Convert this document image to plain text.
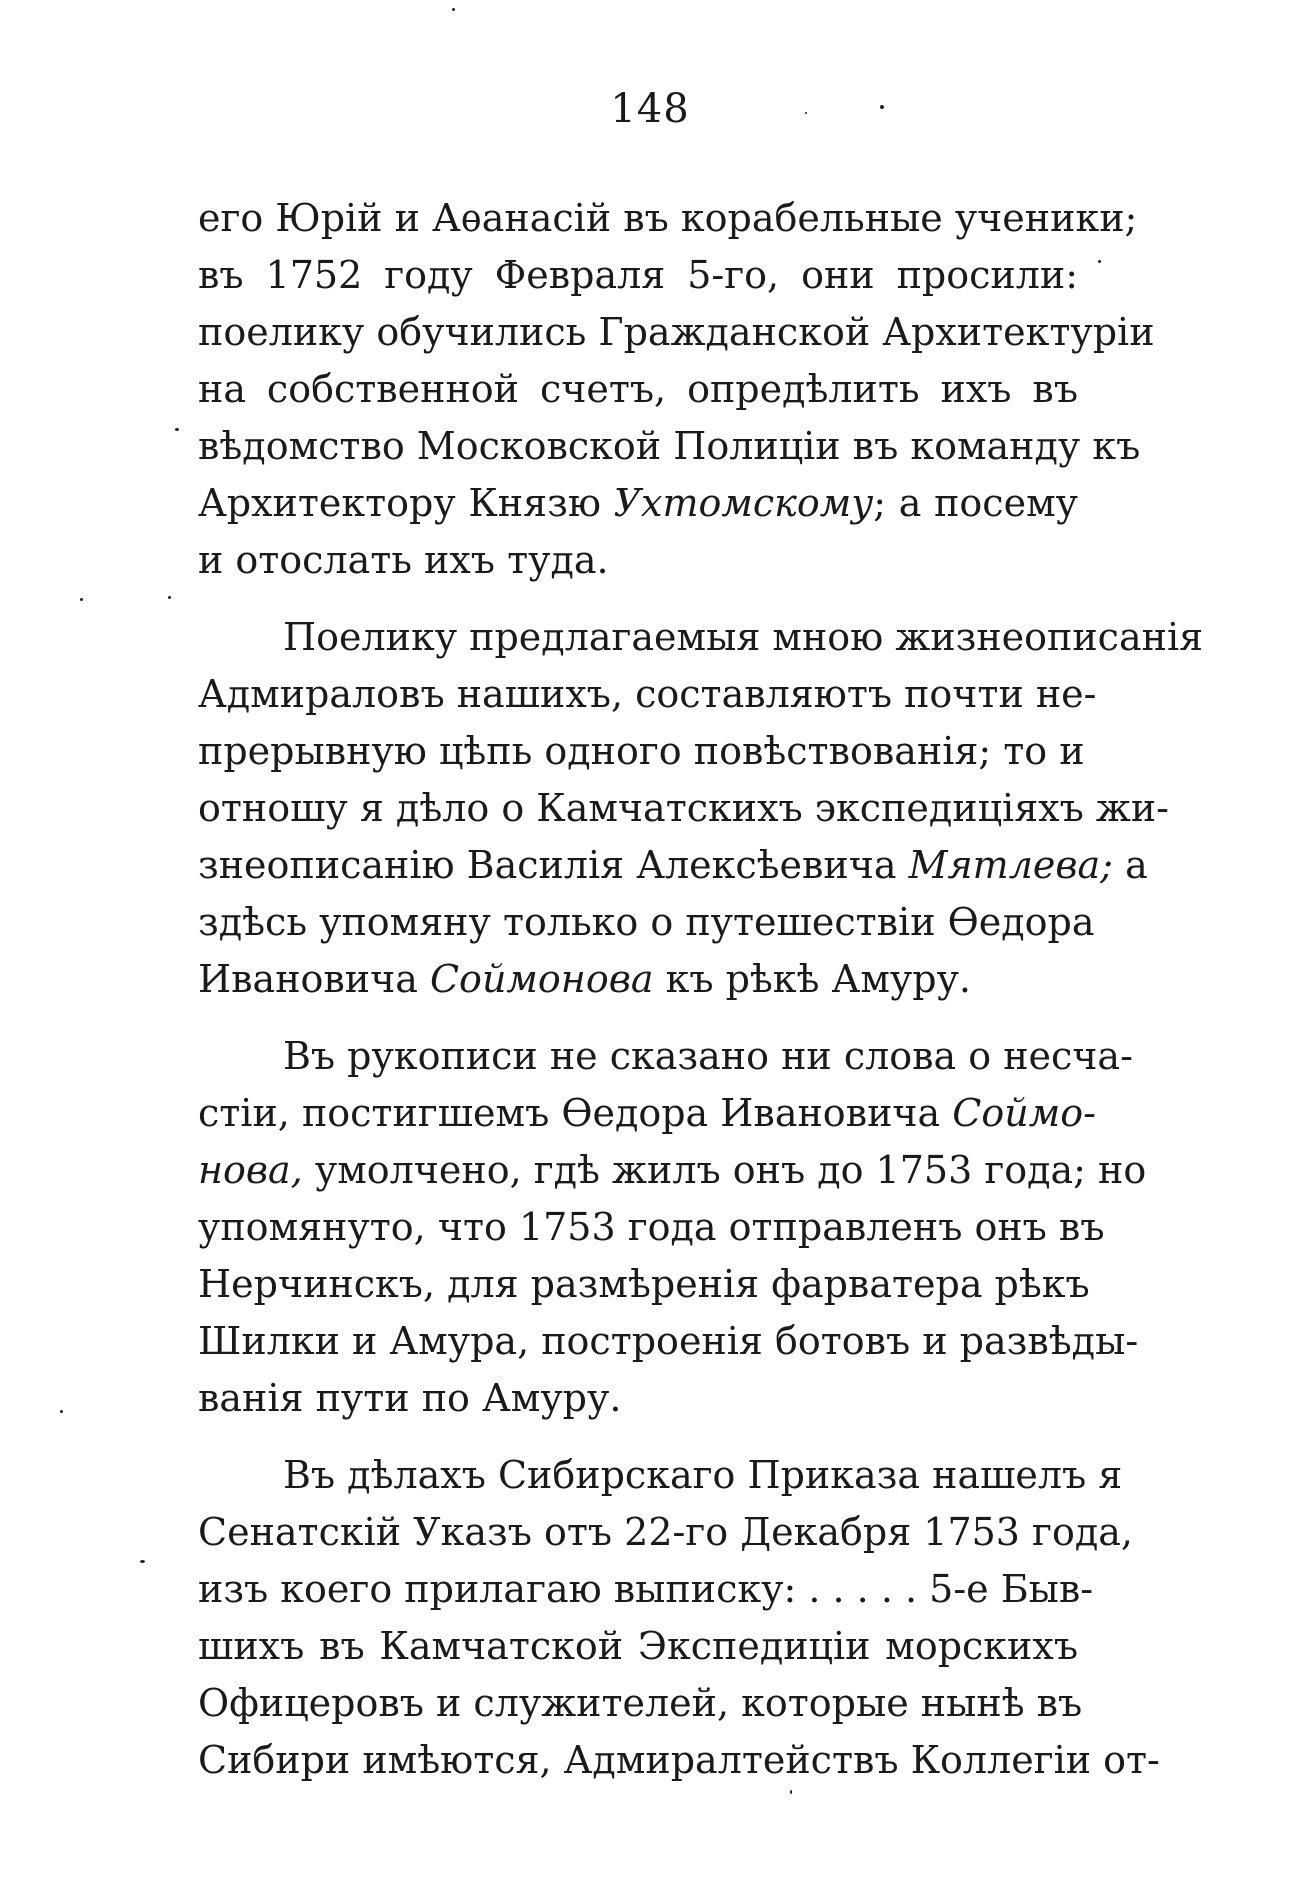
148
его Юрій и Аѳанасій въ корабельные ученики;
въ 1752 году Февраля 5-го, они просили:
поелику обучились Гражданской Архитектуріи
на собственной счетъ, опредѣлить ихъ въ
вѣдомство Московской Полиціи въ команду къ
Архитектору Князю Ухтомскому; а посему
и отослать ихъ туда.
Поелику предлагаемыя мною жизнеописанія
Адмираловъ нашихъ, составляютъ почти не-
прерывную цѣпь одного повѣствованія; то и
отношу я дѣло о Камчатскихъ экспедиціяхъ жи-
знеописанію Василія Алексѣевича Мятлева; а
здѣсь упомяну только о путешествіи Ѳедора
Ивановича Соймонова къ рѣкѣ Амуру.
Въ рукописи не сказано ни слова о несча-
стіи, постигшемъ Ѳедора Ивановича Соймо-
нова, умолчено, гдѣ жилъ онъ до 1753 года; но
упомянуто, что 1753 года отправленъ онъ въ
Нерчинскъ, для размѣренія фарватера рѣкъ
Шилки и Амура, построенія ботовъ и развѣды-
ванія пути по Амуру.
Въ дѣлахъ Сибирскаго Приказа нашелъ я
Сенатскій Указъ отъ 22-го Декабря 1753 года,
изъ коего прилагаю выписку: . . . . . 5-е Быв-
шихъ въ Камчатской Экспедиціи морскихъ
Офицеровъ и служителей, которые нынѣ въ
Сибири имѣются, Адмиралтействъ Коллегіи от-
